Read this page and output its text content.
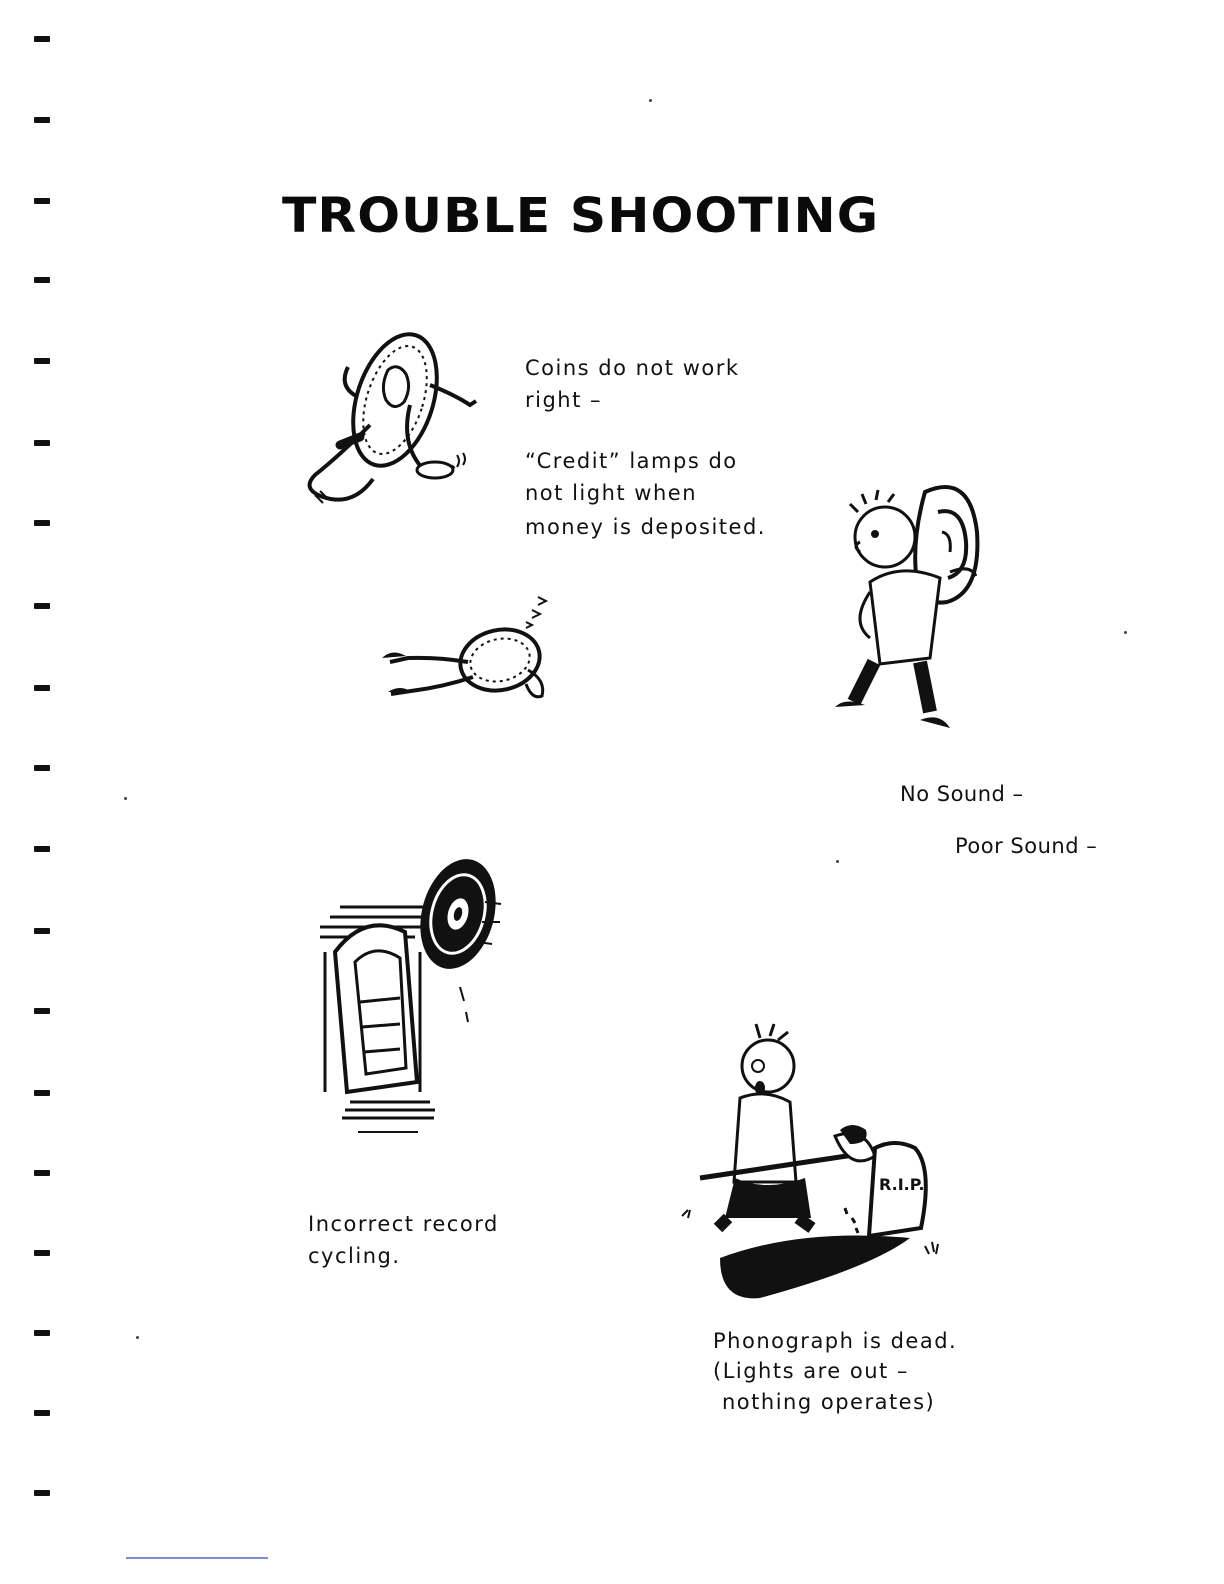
TROUBLE SHOOTING
Coins do not work
right –
“Credit” lamps do
not light when
money is deposited.
No Sound –
Poor Sound –
Incorrect record
cycling.
R.I.P.
Phonograph is dead.
(Lights are out –
nothing operates)
